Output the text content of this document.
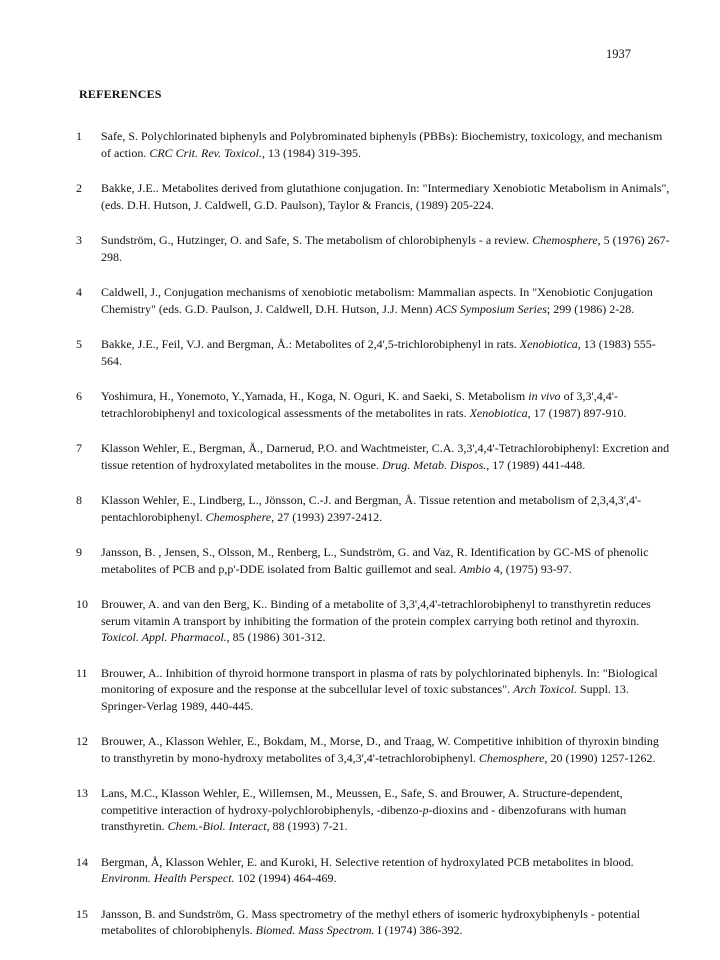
1937
REFERENCES
1	Safe, S. Polychlorinated biphenyls and Polybrominated biphenyls (PBBs): Biochemistry, toxicology, and mechanism of action. CRC Crit. Rev. Toxicol., 13 (1984) 319-395.
2	Bakke, J.E.. Metabolites derived from glutathione conjugation. In: "Intermediary Xenobiotic Metabolism in Animals", (eds. D.H. Hutson, J. Caldwell, G.D. Paulson), Taylor & Francis, (1989) 205-224.
3	Sundström, G., Hutzinger, O. and Safe, S. The metabolism of chlorobiphenyls - a review. Chemosphere, 5 (1976) 267-298.
4	Caldwell, J., Conjugation mechanisms of xenobiotic metabolism: Mammalian aspects. In "Xenobiotic Conjugation Chemistry" (eds. G.D. Paulson, J. Caldwell, D.H. Hutson, J.J. Menn) ACS Symposium Series; 299 (1986) 2-28.
5	Bakke, J.E., Feil, V.J. and Bergman, Å.: Metabolites of 2,4',5-trichlorobiphenyl in rats. Xenobiotica, 13 (1983) 555-564.
6	Yoshimura, H., Yonemoto, Y.,Yamada, H., Koga, N. Oguri, K. and Saeki, S. Metabolism in vivo of 3,3',4,4'-tetrachlorobiphenyl and toxicological assessments of the metabolites in rats. Xenobiotica, 17 (1987) 897-910.
7	Klasson Wehler, E., Bergman, Å., Darnerud, P.O. and Wachtmeister, C.A. 3,3',4,4'-Tetrachlorobiphenyl: Excretion and tissue retention of hydroxylated metabolites in the mouse. Drug. Metab. Dispos., 17 (1989) 441-448.
8	Klasson Wehler, E., Lindberg, L., Jönsson, C.-J. and Bergman, Å. Tissue retention and metabolism of 2,3,4,3',4'-pentachlorobiphenyl. Chemosphere, 27 (1993) 2397-2412.
9	Jansson, B. , Jensen, S., Olsson, M., Renberg, L., Sundström, G. and Vaz, R. Identification by GC-MS of phenolic metabolites of PCB and p,p'-DDE isolated from Baltic guillemot and seal. Ambio 4, (1975) 93-97.
10	Brouwer, A. and van den Berg, K.. Binding of a metabolite of 3,3',4,4'-tetrachlorobiphenyl to transthyretin reduces serum vitamin A transport by inhibiting the formation of the protein complex carrying both retinol and thyroxin. Toxicol. Appl. Pharmacol., 85 (1986) 301-312.
11	Brouwer, A.. Inhibition of thyroid hormone transport in plasma of rats by polychlorinated biphenyls. In: "Biological monitoring of exposure and the response at the subcellular level of toxic substances". Arch Toxicol. Suppl. 13. Springer-Verlag 1989, 440-445.
12	Brouwer, A., Klasson Wehler, E., Bokdam, M., Morse, D., and Traag, W. Competitive inhibition of thyroxin binding to transthyretin by mono-hydroxy metabolites of 3,4,3',4'-tetrachlorobiphenyl. Chemosphere, 20 (1990) 1257-1262.
13	Lans, M.C., Klasson Wehler, E., Willemsen, M., Meussen, E., Safe, S. and Brouwer, A. Structure-dependent, competitive interaction of hydroxy-polychlorobiphenyls, -dibenzo-p-dioxins and - dibenzofurans with human transthyretin. Chem.-Biol. Interact, 88 (1993) 7-21.
14	Bergman, Å, Klasson Wehler, E. and Kuroki, H. Selective retention of hydroxylated PCB metabolites in blood. Environm. Health Perspect. 102 (1994) 464-469.
15	Jansson, B. and Sundström, G. Mass spectrometry of the methyl ethers of isomeric hydroxybiphenyls - potential metabolites of chlorobiphenyls. Biomed. Mass Spectrom. I (1974) 386-392.
